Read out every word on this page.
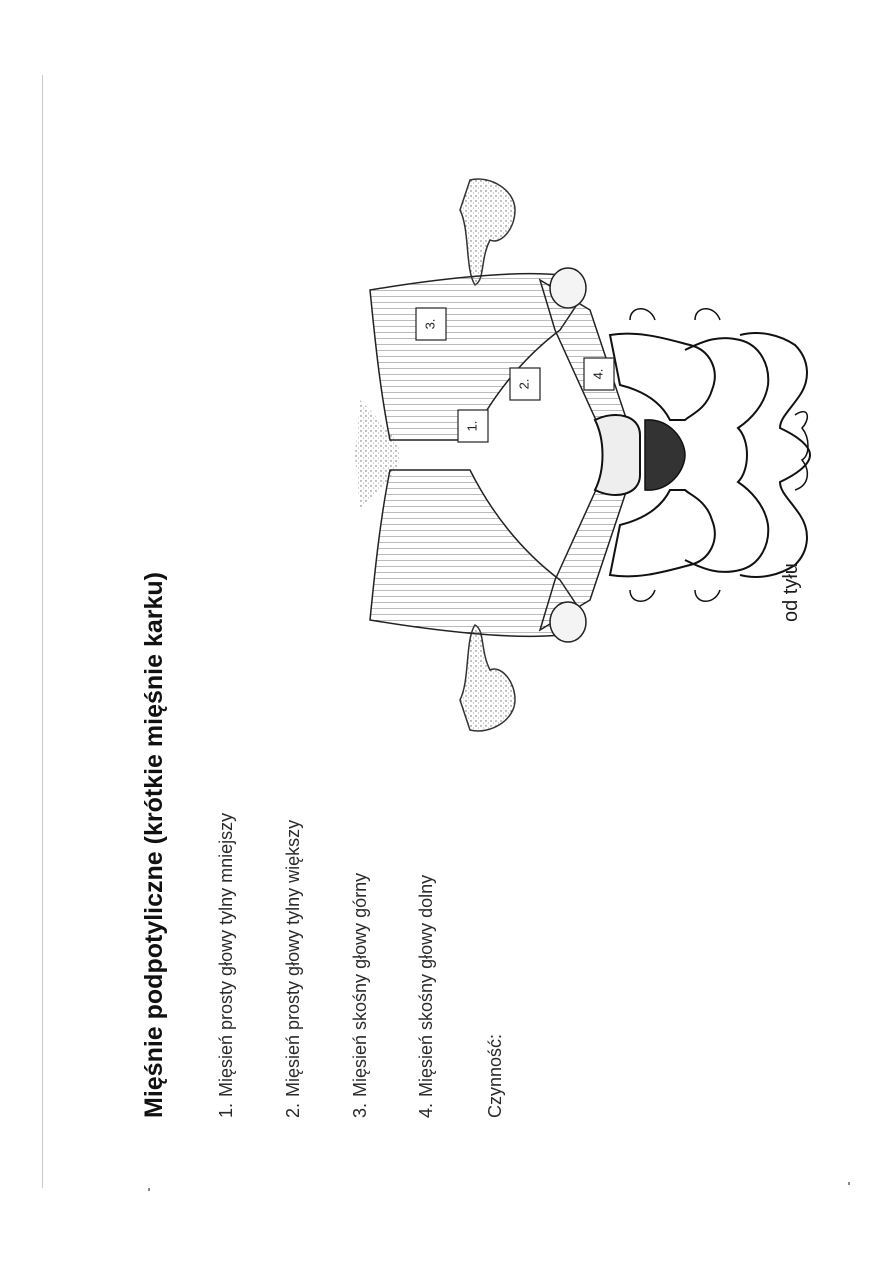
Mięśnie podpotyliczne (krótkie mięśnie karku)	1.Mięsień prosty głowy tylny mniejszy
2.Mięsień prosty głowy tylny większy
3.Mięsień skośny głowy górny
4.Mięsień skośny głowy dolny	Czynność:
1.
2.
3.
4.
od tyłu
